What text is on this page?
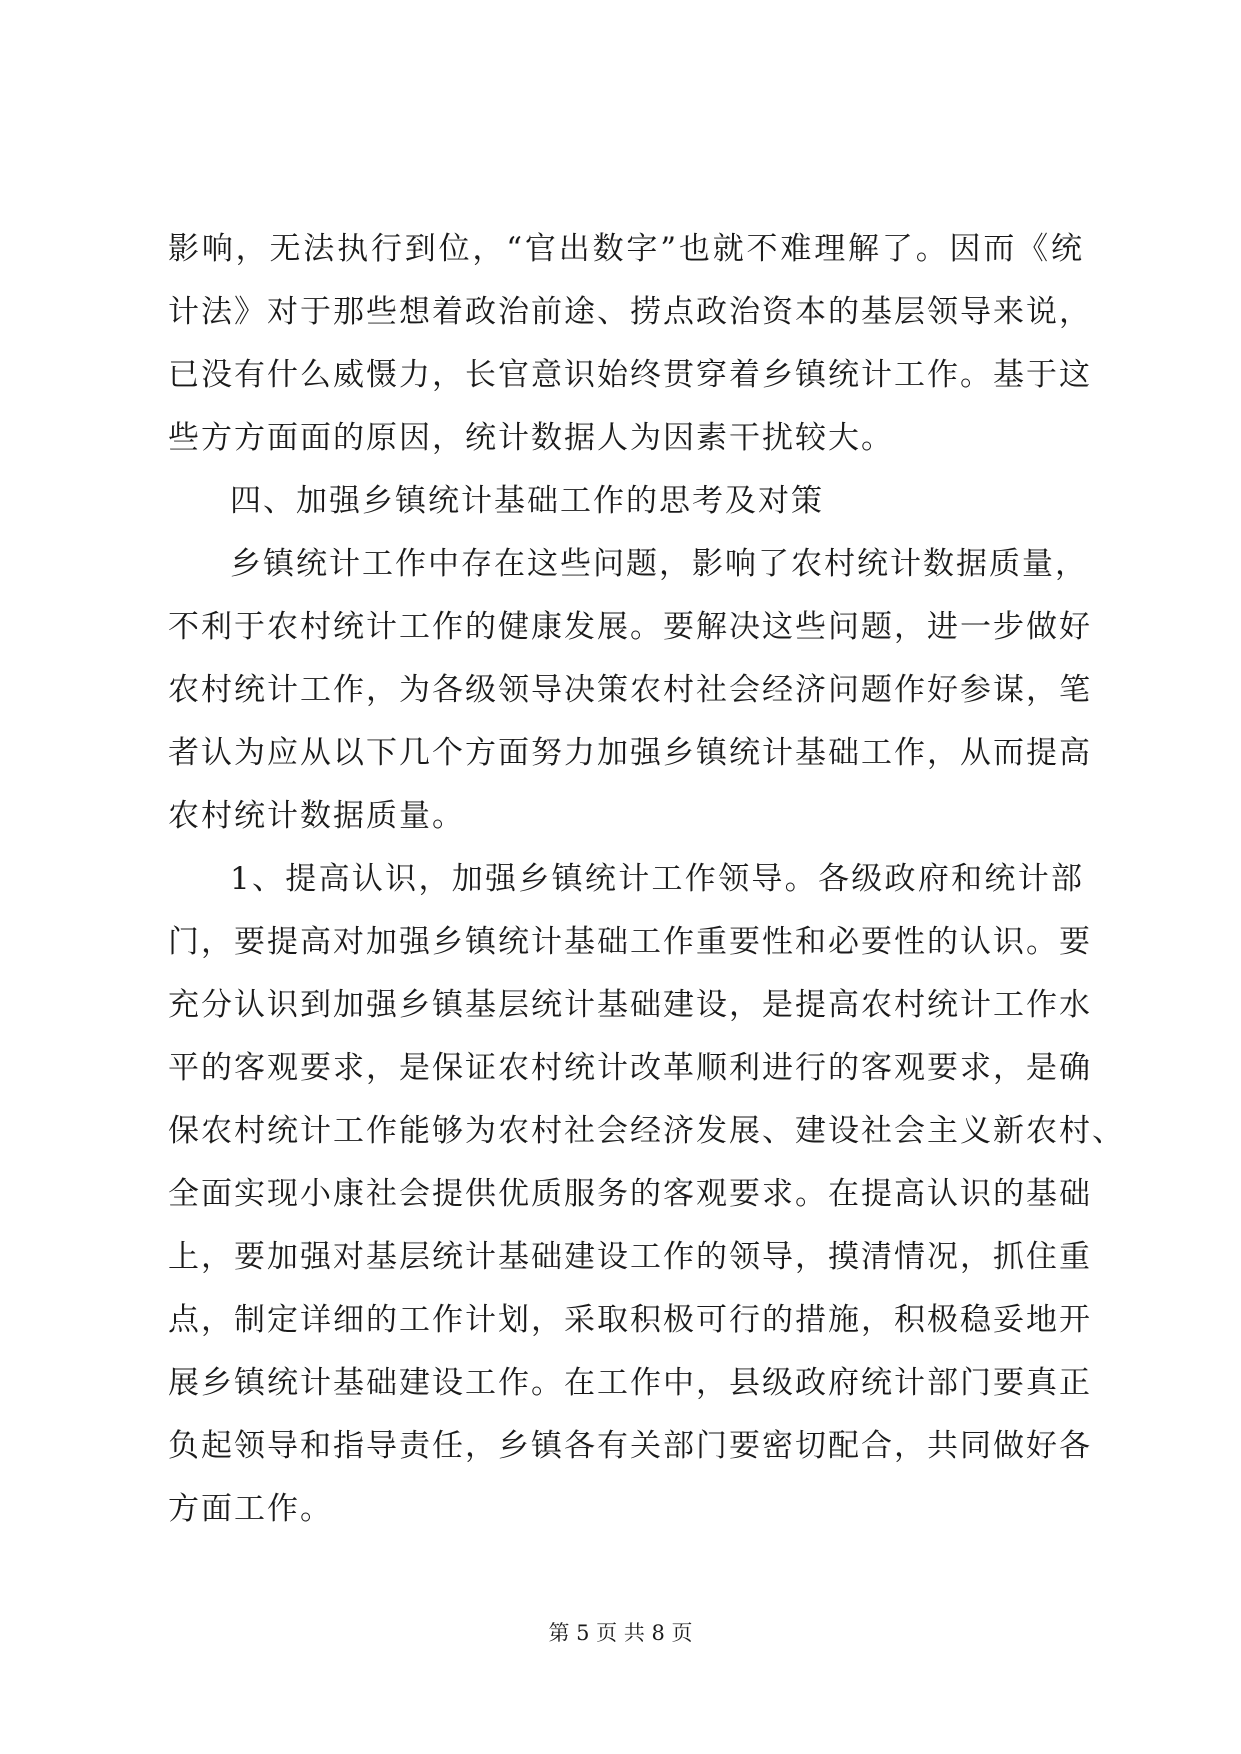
影响，无法执行到位，“官出数字”也就不难理解了。因而《统
计法》对于那些想着政治前途、捞点政治资本的基层领导来说，
已没有什么威慑力，长官意识始终贯穿着乡镇统计工作。基于这
些方方面面的原因，统计数据人为因素干扰较大。
四、加强乡镇统计基础工作的思考及对策
乡镇统计工作中存在这些问题，影响了农村统计数据质量，
不利于农村统计工作的健康发展。要解决这些问题，进一步做好
农村统计工作，为各级领导决策农村社会经济问题作好参谋，笔
者认为应从以下几个方面努力加强乡镇统计基础工作，从而提高
农村统计数据质量。
1、提高认识，加强乡镇统计工作领导。各级政府和统计部
门，要提高对加强乡镇统计基础工作重要性和必要性的认识。要
充分认识到加强乡镇基层统计基础建设，是提高农村统计工作水
平的客观要求，是保证农村统计改革顺利进行的客观要求，是确
保农村统计工作能够为农村社会经济发展、建设社会主义新农村、
全面实现小康社会提供优质服务的客观要求。在提高认识的基础
上，要加强对基层统计基础建设工作的领导，摸清情况，抓住重
点，制定详细的工作计划，采取积极可行的措施，积极稳妥地开
展乡镇统计基础建设工作。在工作中，县级政府统计部门要真正
负起领导和指导责任，乡镇各有关部门要密切配合，共同做好各
方面工作。
第 5 页 共 8 页
